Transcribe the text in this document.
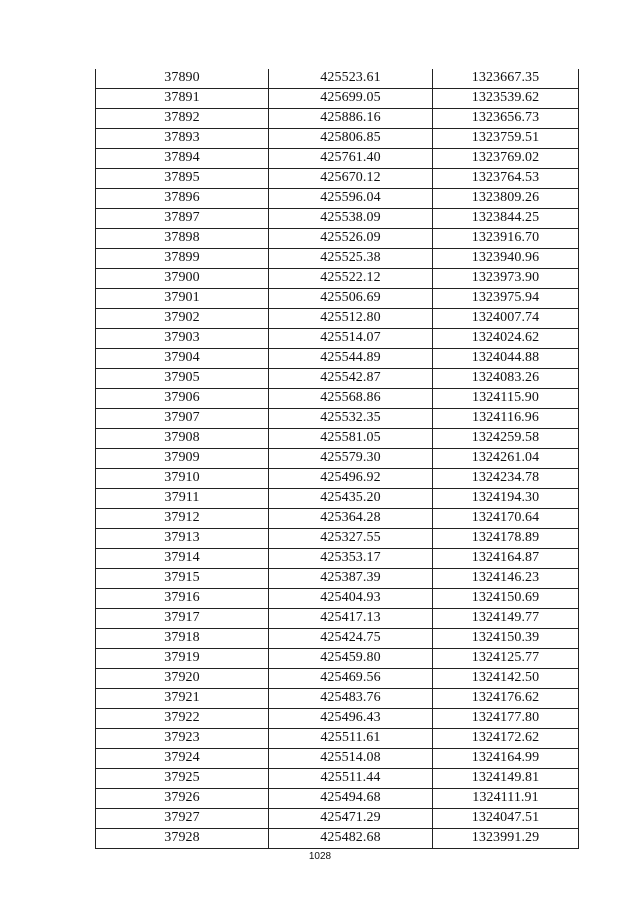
37890	425523.61	1323667.35
37891	425699.05	1323539.62
37892	425886.16	1323656.73
37893	425806.85	1323759.51
37894	425761.40	1323769.02
37895	425670.12	1323764.53
37896	425596.04	1323809.26
37897	425538.09	1323844.25
37898	425526.09	1323916.70
37899	425525.38	1323940.96
37900	425522.12	1323973.90
37901	425506.69	1323975.94
37902	425512.80	1324007.74
37903	425514.07	1324024.62
37904	425544.89	1324044.88
37905	425542.87	1324083.26
37906	425568.86	1324115.90
37907	425532.35	1324116.96
37908	425581.05	1324259.58
37909	425579.30	1324261.04
37910	425496.92	1324234.78
37911	425435.20	1324194.30
37912	425364.28	1324170.64
37913	425327.55	1324178.89
37914	425353.17	1324164.87
37915	425387.39	1324146.23
37916	425404.93	1324150.69
37917	425417.13	1324149.77
37918	425424.75	1324150.39
37919	425459.80	1324125.77
37920	425469.56	1324142.50
37921	425483.76	1324176.62
37922	425496.43	1324177.80
37923	425511.61	1324172.62
37924	425514.08	1324164.99
37925	425511.44	1324149.81
37926	425494.68	1324111.91
37927	425471.29	1324047.51
37928	425482.68	1323991.29
1028
